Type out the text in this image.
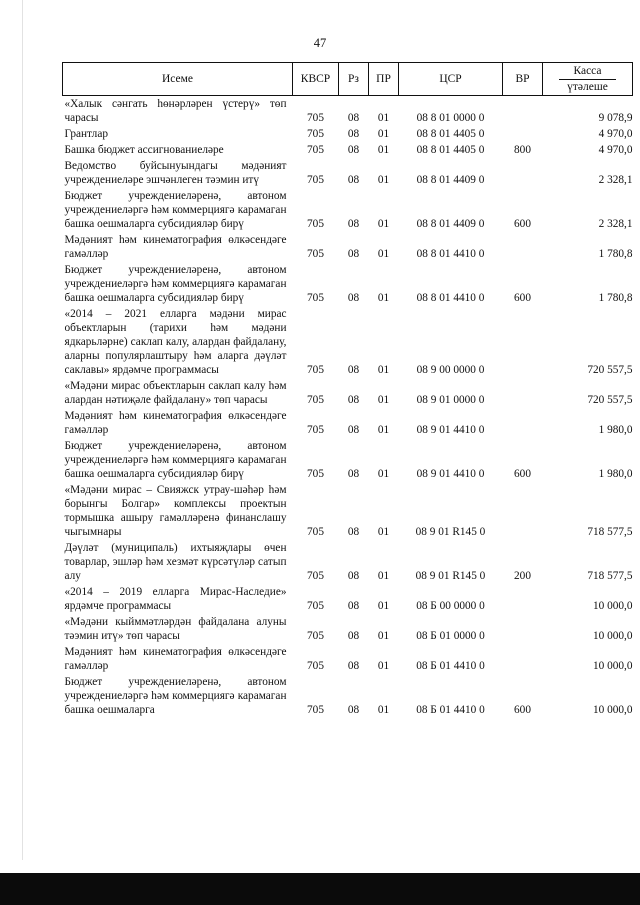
47
Исеме	КВСР	Рз	ПР	ЦСР	ВР	Касса
үтәлеше

«Халык сәнгать һөнәрләрен үстерү» төп чарасы	705	08	01	08 8 01 0000 0		9 078,9
Грантлар	705	08	01	08 8 01 4405 0		4 970,0
Башка бюджет ассигнованиеләре	705	08	01	08 8 01 4405 0	800	4 970,0
Ведомство буйсынуындагы мәдәният учреждениеләре эшчәнлеген тәэмин итү	705	08	01	08 8 01 4409 0		2 328,1
Бюджет учреждениеләренә, автоном учреждениеләргә һәм коммерциягә карамаган башка оешмаларга субсидияләр бирү	705	08	01	08 8 01 4409 0	600	2 328,1
Мәдәният һәм кинематография өлкәсендәге гамәлләр	705	08	01	08 8 01 4410 0		1 780,8
Бюджет учреждениеләренә, автоном учреждениеләргә һәм коммерциягә карамаган башка оешмаларга субсидияләр бирү	705	08	01	08 8 01 4410 0	600	1 780,8
«2014 – 2021 елларга мәдәни мирас объектларын (тарихи һәм мәдәни ядкарьләрне) саклап калу, алардан файдалану, аларны популярлаштыру һәм аларга дәүләт саклавы» ярдәмче программасы	705	08	01	08 9 00 0000 0		720 557,5
«Мәдәни мирас объектларын саклап калу һәм алардан нәтиҗәле файдалану» төп чарасы	705	08	01	08 9 01 0000 0		720 557,5
Мәдәният һәм кинематография өлкәсендәге гамәлләр	705	08	01	08 9 01 4410 0		1 980,0
Бюджет учреждениеләренә, автоном учреждениеләргә һәм коммерциягә карамаган башка оешмаларга субсидияләр бирү	705	08	01	08 9 01 4410 0	600	1 980,0
«Мәдәни мирас – Свияжск утрау-шәһәр һәм борынгы Болгар» комплексы проектын тормышка ашыру гамәлләренә финанслашу чыгымнары	705	08	01	08 9 01 R145 0		718 577,5
Дәүләт (муниципаль) ихтыяҗлары өчен товарлар, эшләр һәм хезмәт күрсәтүләр сатып алу	705	08	01	08 9 01 R145 0	200	718 577,5
«2014 – 2019 елларга Мирас-Наследие» ярдәмче программасы	705	08	01	08 Б 00 0000 0		10 000,0
«Мәдәни кыйммәтләрдән файдалана алуны тәэмин итү» төп чарасы	705	08	01	08 Б 01 0000 0		10 000,0
Мәдәният һәм кинематография өлкәсендәге гамәлләр	705	08	01	08 Б 01 4410 0		10 000,0
Бюджет учреждениеләренә, автоном учреждениеләргә һәм коммерциягә карамаган башка оешмаларга	705	08	01	08 Б 01 4410 0	600	10 000,0
